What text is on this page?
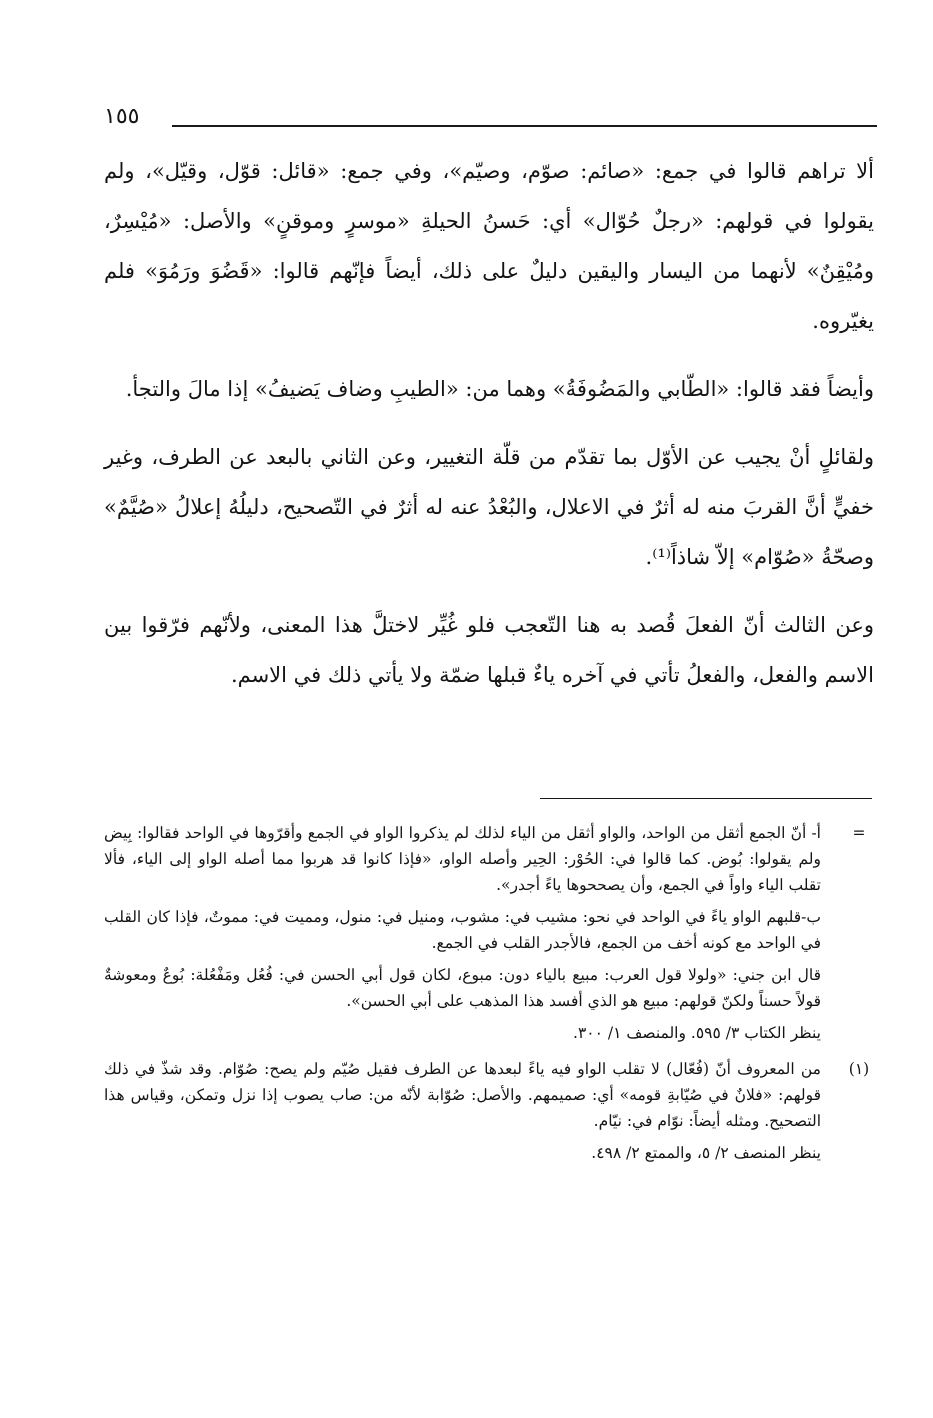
١٥٥

ألا تراهم قالوا في جمع: «صائم: صوّم، وصيّم»، وفي جمع: «قائل: قوّل، وقيّل»، ولم يقولوا في قولهم: «رجلٌ حُوّال» أي: حَسنُ الحيلةِ «موسرٍ وموقنٍ» والأصل: «مُيْسِرٌ، ومُيْقِنٌ» لأنهما من اليسار واليقين دليلٌ على ذلك، أيضاً فإنّهم قالوا: «قَضُوَ ورَمُوَ» فلم يغيّروه.

وأيضاً فقد قالوا: «الطّابي والمَضُوفَةُ» وهما من: «الطيبِ وضاف يَضيفُ» إذا مالَ والتجأ.

ولقائلٍ أنْ يجيب عن الأوّل بما تقدّم من قلّة التغيير، وعن الثاني بالبعد عن الطرف، وغير خفيٍّ أنَّ القربَ منه له أثرٌ في الاعلال، والبُعْدُ عنه له أثرٌ في التّصحيح، دليلُهُ إعلالُ «صُيَّمٌ» وصحّةُ «صُوّام» إلاّ شاذاً⁽¹⁾.

وعن الثالث أنّ الفعلَ قُصد به هنا التّعجب فلو غُيِّر لاختلَّ هذا المعنى، ولأنّهم فرّقوا بين الاسم والفعل، والفعلُ تأتي في آخره ياءٌ قبلها ضمّة ولا يأتي ذلك في الاسم.

=

أ- أنّ الجمع أثقل من الواحد، والواو أثقل من الياء لذلك لم يذكروا الواو في الجمع وأقرّوها في الواحد فقالوا: بِيض ولم يقولوا: بُوض. كما قالوا في: الحُوْر: الحِير وأصله الواو، «فإذا كانوا قد هربوا مما أصله الواو إلى الياء، فألا تقلب الياء واواً في الجمع، وأن يصححوها ياءً أجدر».

ب-قلبهم الواو ياءً في الواحد في نحو: مشيب في: مشوب، ومنيل في: منول، ومميت في: مموتٌ، فإذا كان القلب في الواحد مع كونه أخف من الجمع، فالأجدر القلب في الجمع.

قال ابن جني: «ولولا قول العرب: مبيع بالياء دون: مبوع، لكان قول أبي الحسن في: فُعُل ومَفْعُلة: بُوعٌ ومعوشةٌ قولاً حسناً ولكنّ قولهم: مبيع هو الذي أفسد هذا المذهب على أبي الحسن».

ينظر الكتاب ٣/ ٥٩٥. والمنصف ١/ ٣٠٠.

(١)

من المعروف أنّ (فُعّال) لا تقلب الواو فيه ياءً لبعدها عن الطرف فقيل صُيّم ولم يصح: صُوّام. وقد شذّ في ذلك قولهم: «فلانٌ في صُيّابةِ قومه» أي: صميمهم. والأصل: صُوّابة لأنّه من: صاب يصوب إذا نزل وتمكن، وقياس هذا التصحيح. ومثله أيضاً: نوّام في: نيّام.

ينظر المنصف ٢/ ٥، والممتع ٢/ ٤٩٨.
